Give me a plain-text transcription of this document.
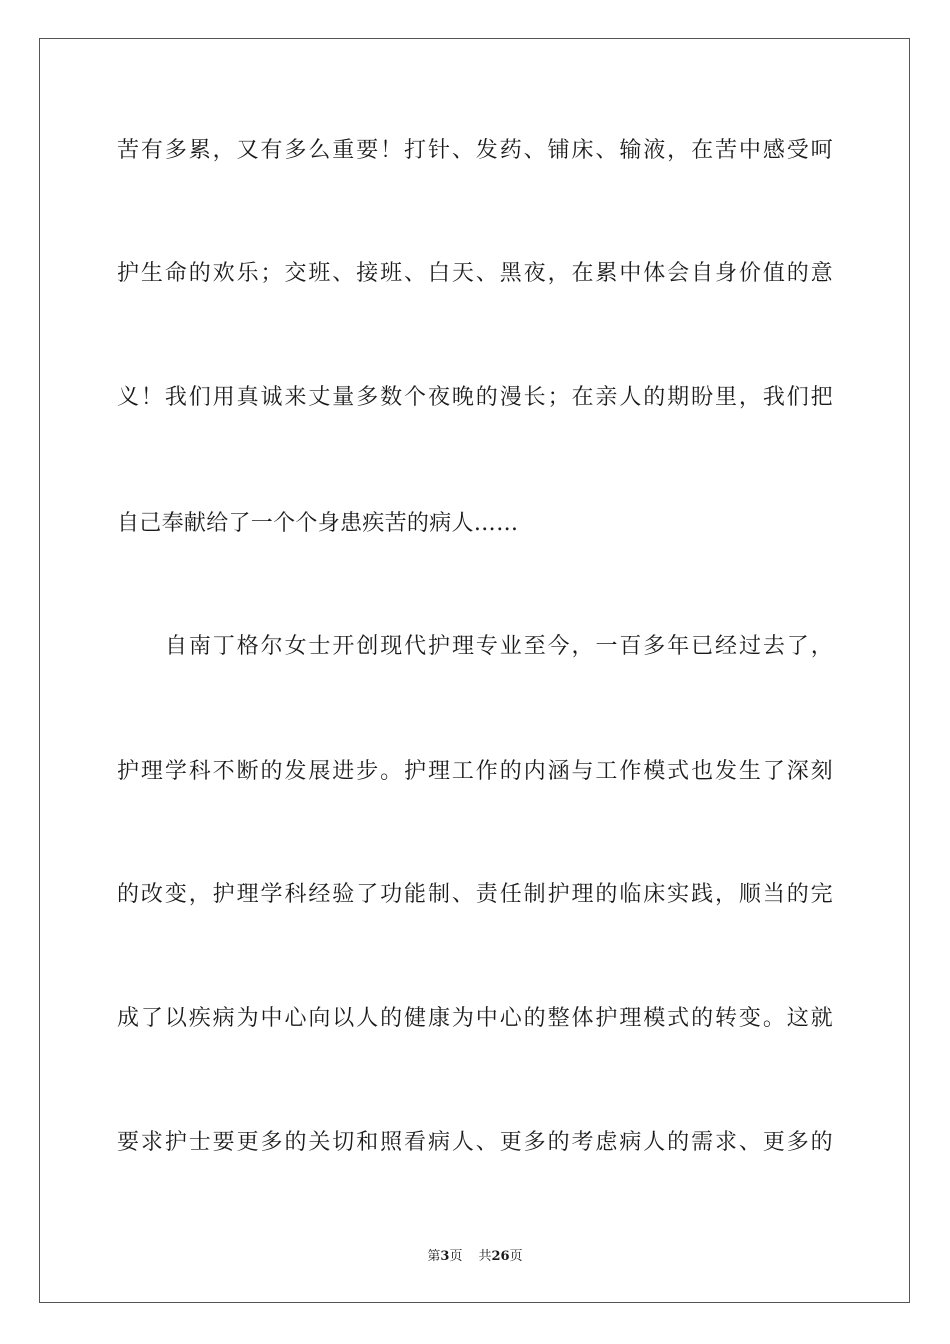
苦有多累，又有多么重要！打针、发药、铺床、输液，在苦中感受呵
护生命的欢乐；交班、接班、白天、黑夜，在累中体会自身价值的意
义！我们用真诚来丈量多数个夜晚的漫长；在亲人的期盼里，我们把
自己奉献给了一个个身患疾苦的病人……
自南丁格尔女士开创现代护理专业至今，一百多年已经过去了，
护理学科不断的发展进步。护理工作的内涵与工作模式也发生了深刻
的改变，护理学科经验了功能制、责任制护理的临床实践，顺当的完
成了以疾病为中心向以人的健康为中心的整体护理模式的转变。这就
要求护士要更多的关切和照看病人、更多的考虑病人的需求、更多的
第3页 共26页
